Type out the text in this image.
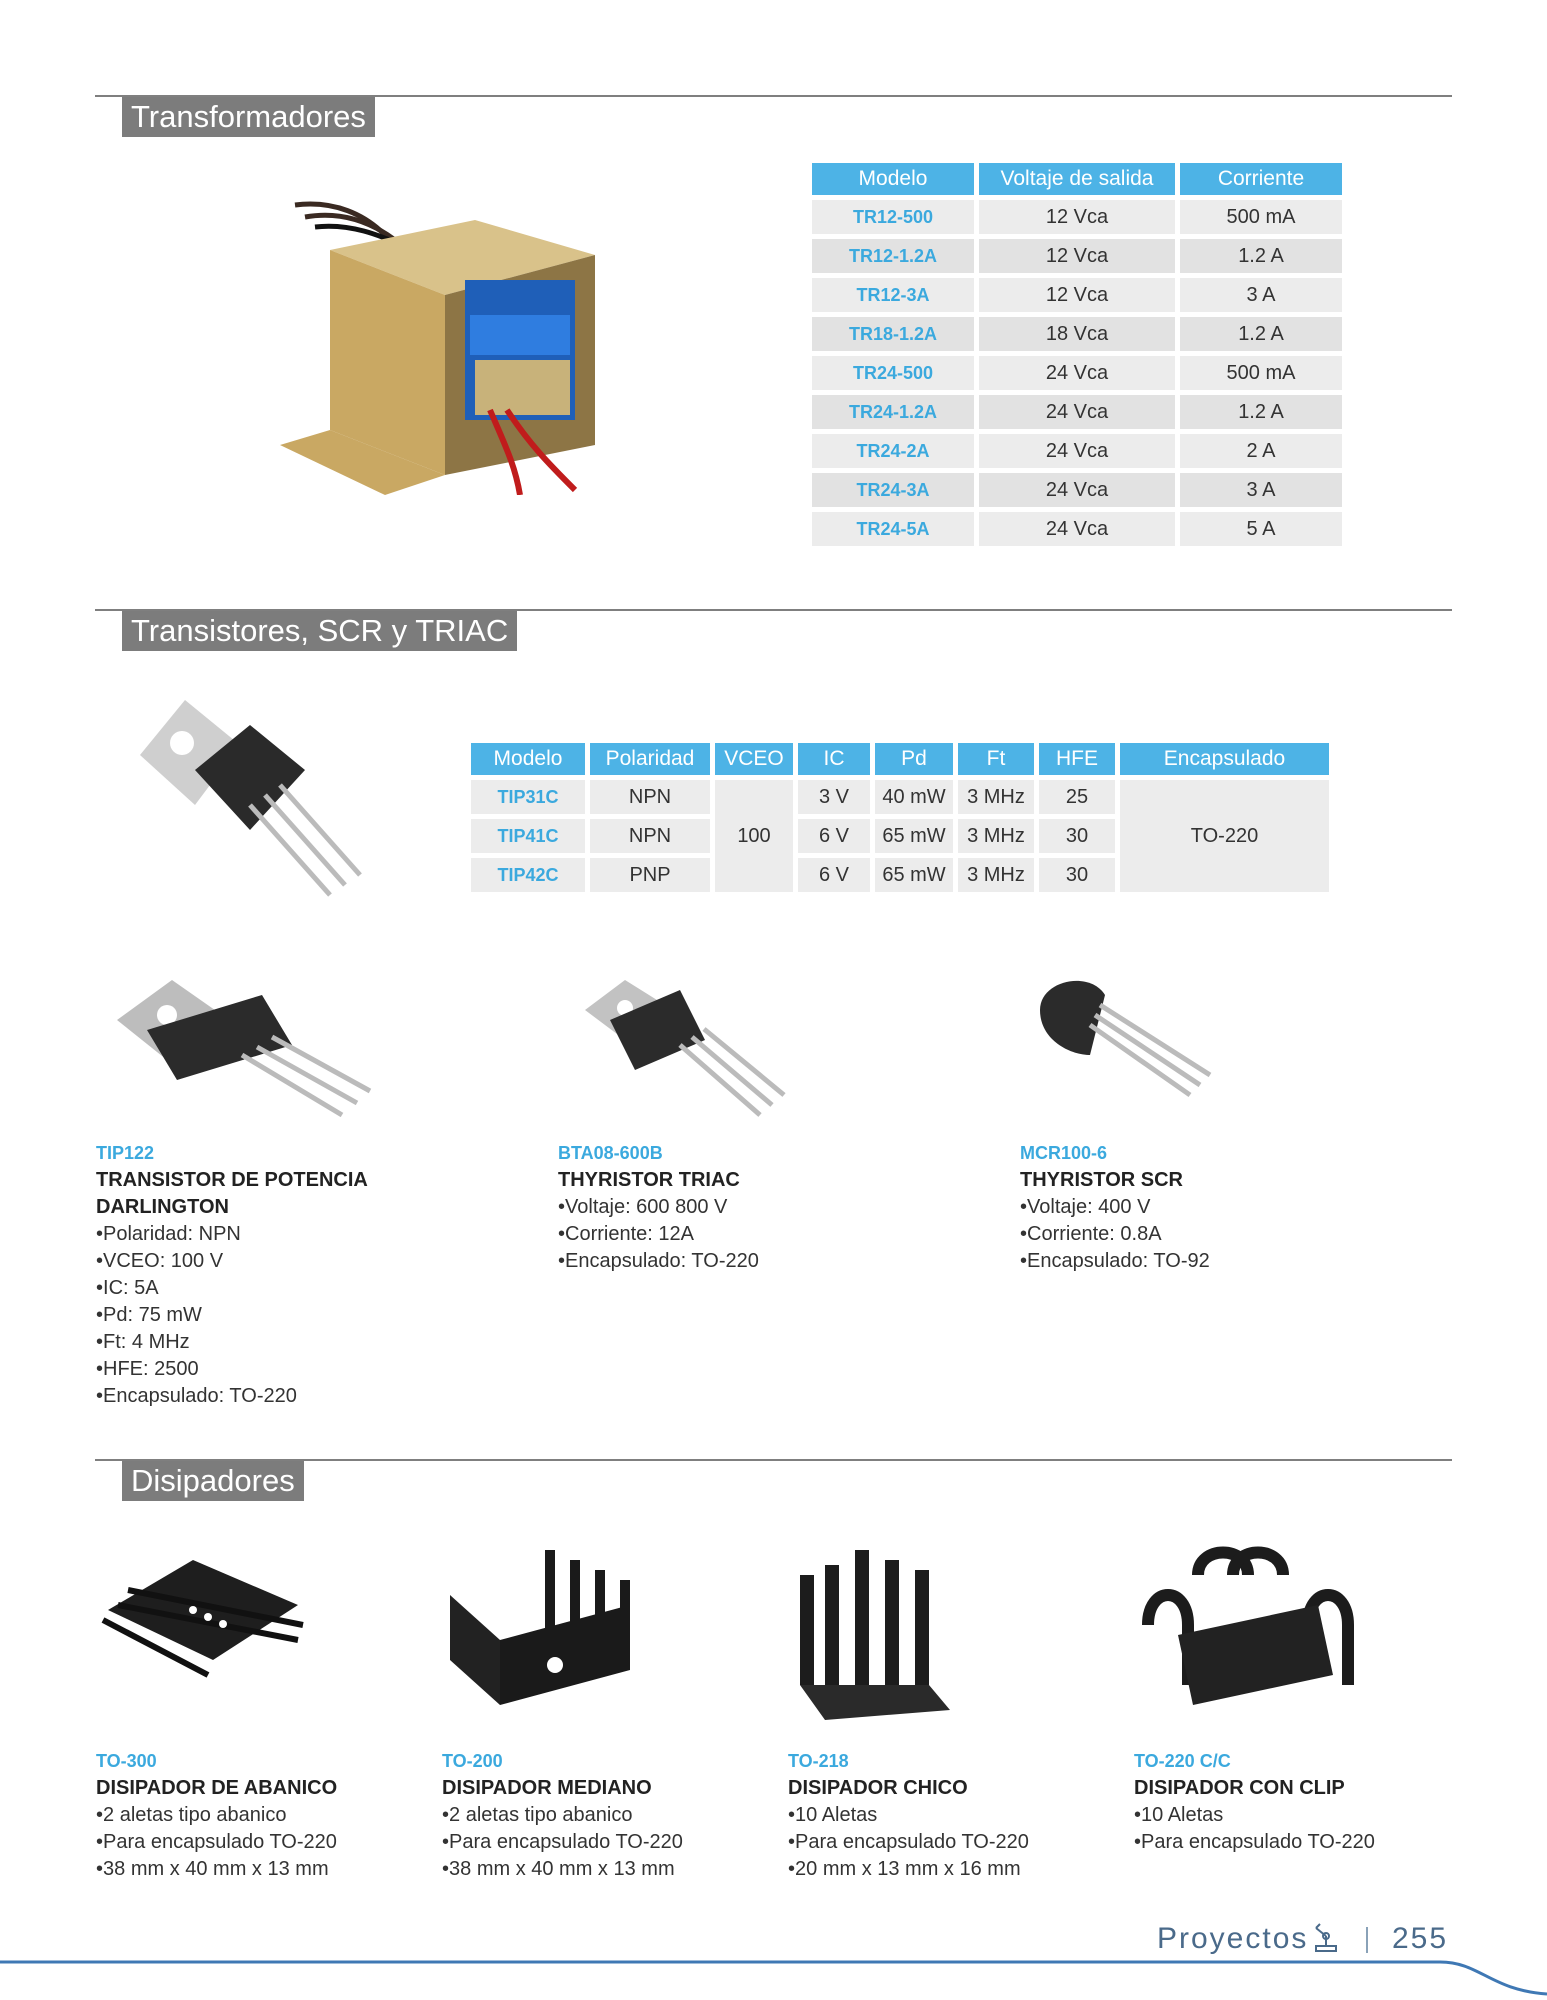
Transformadores
Modelo	Voltaje de salida	Corriente
TR12-500	12 Vca	500 mA
TR12-1.2A	12 Vca	1.2 A
TR12-3A	12 Vca	3 A
TR18-1.2A	18 Vca	1.2 A
TR24-500	24 Vca	500 mA
TR24-1.2A	24 Vca	1.2 A
TR24-2A	24 Vca	2 A
TR24-3A	24 Vca	3 A
TR24-5A	24 Vca	5 A
Transistores, SCR y TRIAC
Modelo	Polaridad	VCEO	IC	Pd	Ft	HFE	Encapsulado
TIP31C	NPN	100	3 V	40 mW	3 MHz	25	TO-220
TIP41C	NPN		6 V	65 mW	3 MHz	30	
TIP42C	PNP		6 V	65 mW	3 MHz	30	
TIP122
TRANSISTOR DE POTENCIA
DARLINGTON
• Polaridad: NPN
• VCEO: 100 V
• IC: 5A
• Pd: 75 mW
• Ft: 4 MHz
• HFE: 2500
• Encapsulado: TO-220
BTA08-600B
THYRISTOR TRIAC
• Voltaje: 600 800 V
• Corriente: 12A
• Encapsulado: TO-220
MCR100-6
THYRISTOR SCR
• Voltaje: 400 V
• Corriente: 0.8A
• Encapsulado: TO-92
Disipadores
TO-300
DISIPADOR DE ABANICO
• 2 aletas tipo abanico
• Para encapsulado TO-220
• 38 mm x 40 mm x 13 mm
TO-200
DISIPADOR MEDIANO
• 2 aletas tipo abanico
• Para encapsulado TO-220
• 38 mm x 40 mm x 13 mm
TO-218
DISIPADOR CHICO
• 10 Aletas
• Para encapsulado TO-220
• 20 mm x 13 mm x 16 mm
TO-220 C/C
DISIPADOR CON CLIP
• 10 Aletas
• Para encapsulado TO-220
Proyectos	255
